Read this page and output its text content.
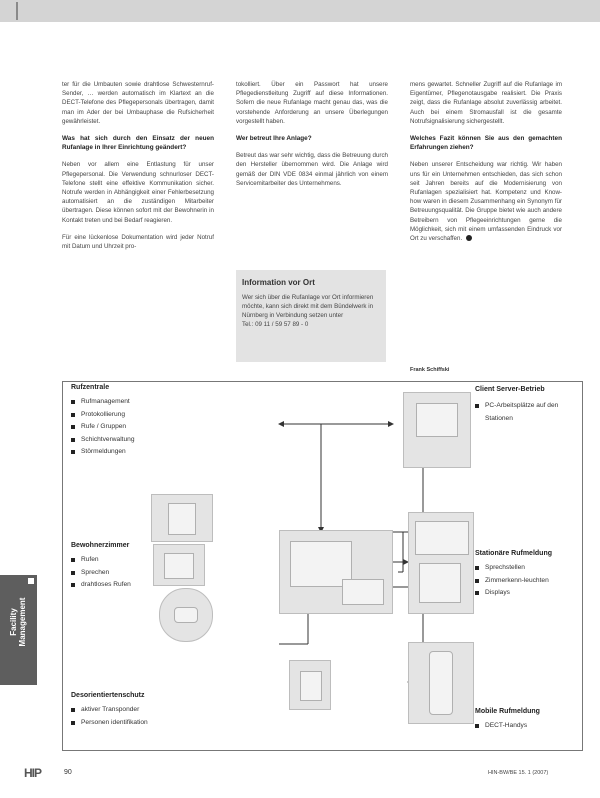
ter für die Umbauten sowie drahtlose Schwesternruf-Sender, … werden automatisch im Klartext an die DECT-Telefone des Pflegepersonals übertragen, damit man im Ader der bei Umbauphase die Rufsicherheit gewährleistet.

Was hat sich durch den Einsatz der neuen Rufanlage in Ihrer Einrichtung geändert?

Neben vor allem eine Entlastung für unser Pflegepersonal. Die Verwendung schnurloser DECT-Telefone stellt eine effektive Kommunikation sicher. Notrufe werden in Abhängigkeit einer Fehlerbesetzung automatisiert an die zuständigen Mitarbeiter übertragen. Diese können sofort mit der Bewohnerin in Kontakt treten und bei Bedarf reagieren.

Für eine lückenlose Dokumentation wird jeder Notruf mit Datum und Uhrzeit pro-

tokolliert. Über ein Passwort hat unsere Pflegedienstleitung Zugriff auf diese Informationen. Sofern die neue Rufanlage macht genau das, was die vorstehende Anforderung an unsere Überlegungen vorgestellt haben.

Wer betreut Ihre Anlage?

Betreut das war sehr wichtig, dass die Betreuung durch den Hersteller übernommen wird. Die Anlage wird gemäß der DIN VDE 0834 einmal jährlich von einem Servicemitarbeiter des Unternehmens.

Information vor Ort

Wer sich über die Rufanlage vor Ort informieren möchte, kann sich direkt mit dem Bündelwerk in Nürnberg in Verbindung setzen unter
Tel.: 09 11 / 59 57 89 - 0

mens gewartet. Schneller Zugriff auf die Rufanlage im Eigentümer, Pflegenotausgabe realisiert. Die Praxis zeigt, dass die Rufanlage absolut zuverlässig arbeitet. Auch bei einem Stromausfall ist die gesamte Notrufsignalisierung sichergestellt.

Welches Fazit können Sie aus den gemachten Erfahrungen ziehen?

Neben unserer Entscheidung war richtig. Wir haben uns für ein Unternehmen entschieden, das sich schon seit Jahren bereits auf die Modernisierung von Rufanlagen spezialisiert hat. Kompetenz und Know-how waren in diesem Zusammenhang ein Synonym für Betreuungsqualität. Die Gruppe bietet wie auch andere Betreibern von Pflegeeinrichtungen gerne die Möglichkeit, sich mit einem umfassenden Eindruck vor Ort zu verschaffen.

Frank Schiffski
Rufzentrale
Rufmanagement
Protokollierung
Rufe / Gruppen
Schichtverwaltung
Störmeldungen
Bewohnerzimmer
Rufen
Sprechen
drahtloses Rufen
Desorientiertenschutz
aktiver Transponder
Personen identifikation
Client Server-Betrieb
PC-Arbeitsplätze auf den Stationen
Stationäre Rufmeldung
Sprechstellen
Zimmerkenn-leuchten
Displays
Mobile Rufmeldung
DECT-Handys
Facility
Management
HIP	90	HIN-BW/BE 15. 1 (2007)
